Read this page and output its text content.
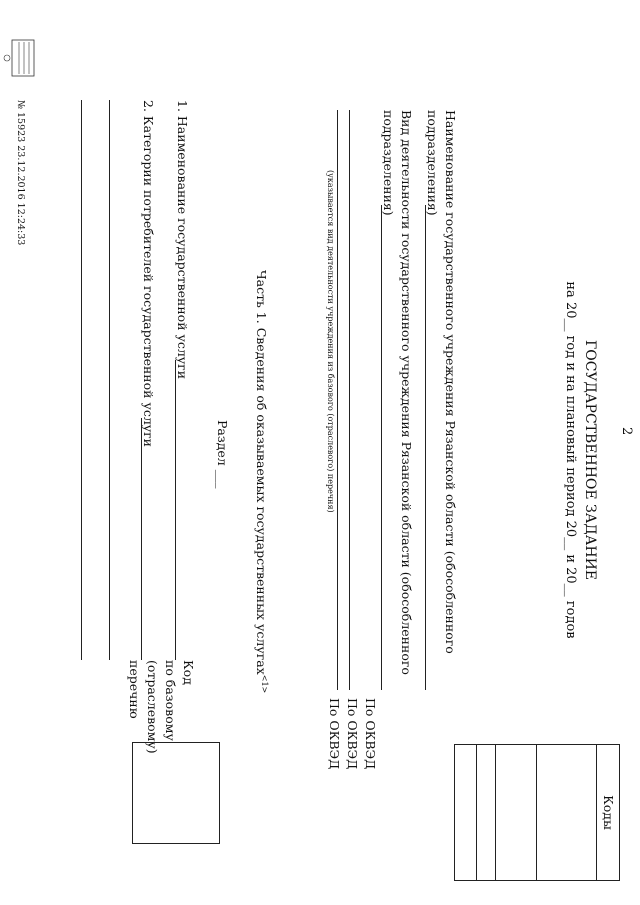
2
ГОСУДАРСТВЕННОЕ ЗАДАНИЕ
на 20__ год и на плановый период 20__ и 20__ годов
Наименование государственного учреждения Рязанской области (обособленного
подразделения)
Вид деятельности государственного учреждения Рязанской области (обособленного
подразделения)
(указывается вид деятельности учреждения из базового (отраслевого) перечня)
По ОКВЭД
По ОКВЭД
По ОКВЭД
Коды
Часть 1. Сведения об оказываемых государственных услугах$^{<1>}$
Раздел ___
1. Наименование государственной услуги
2. Категории потребителей государственной услуги
Код
по базовому
(отраслевому)
перечню
№ 15923 23.12.2016 12:24:33
